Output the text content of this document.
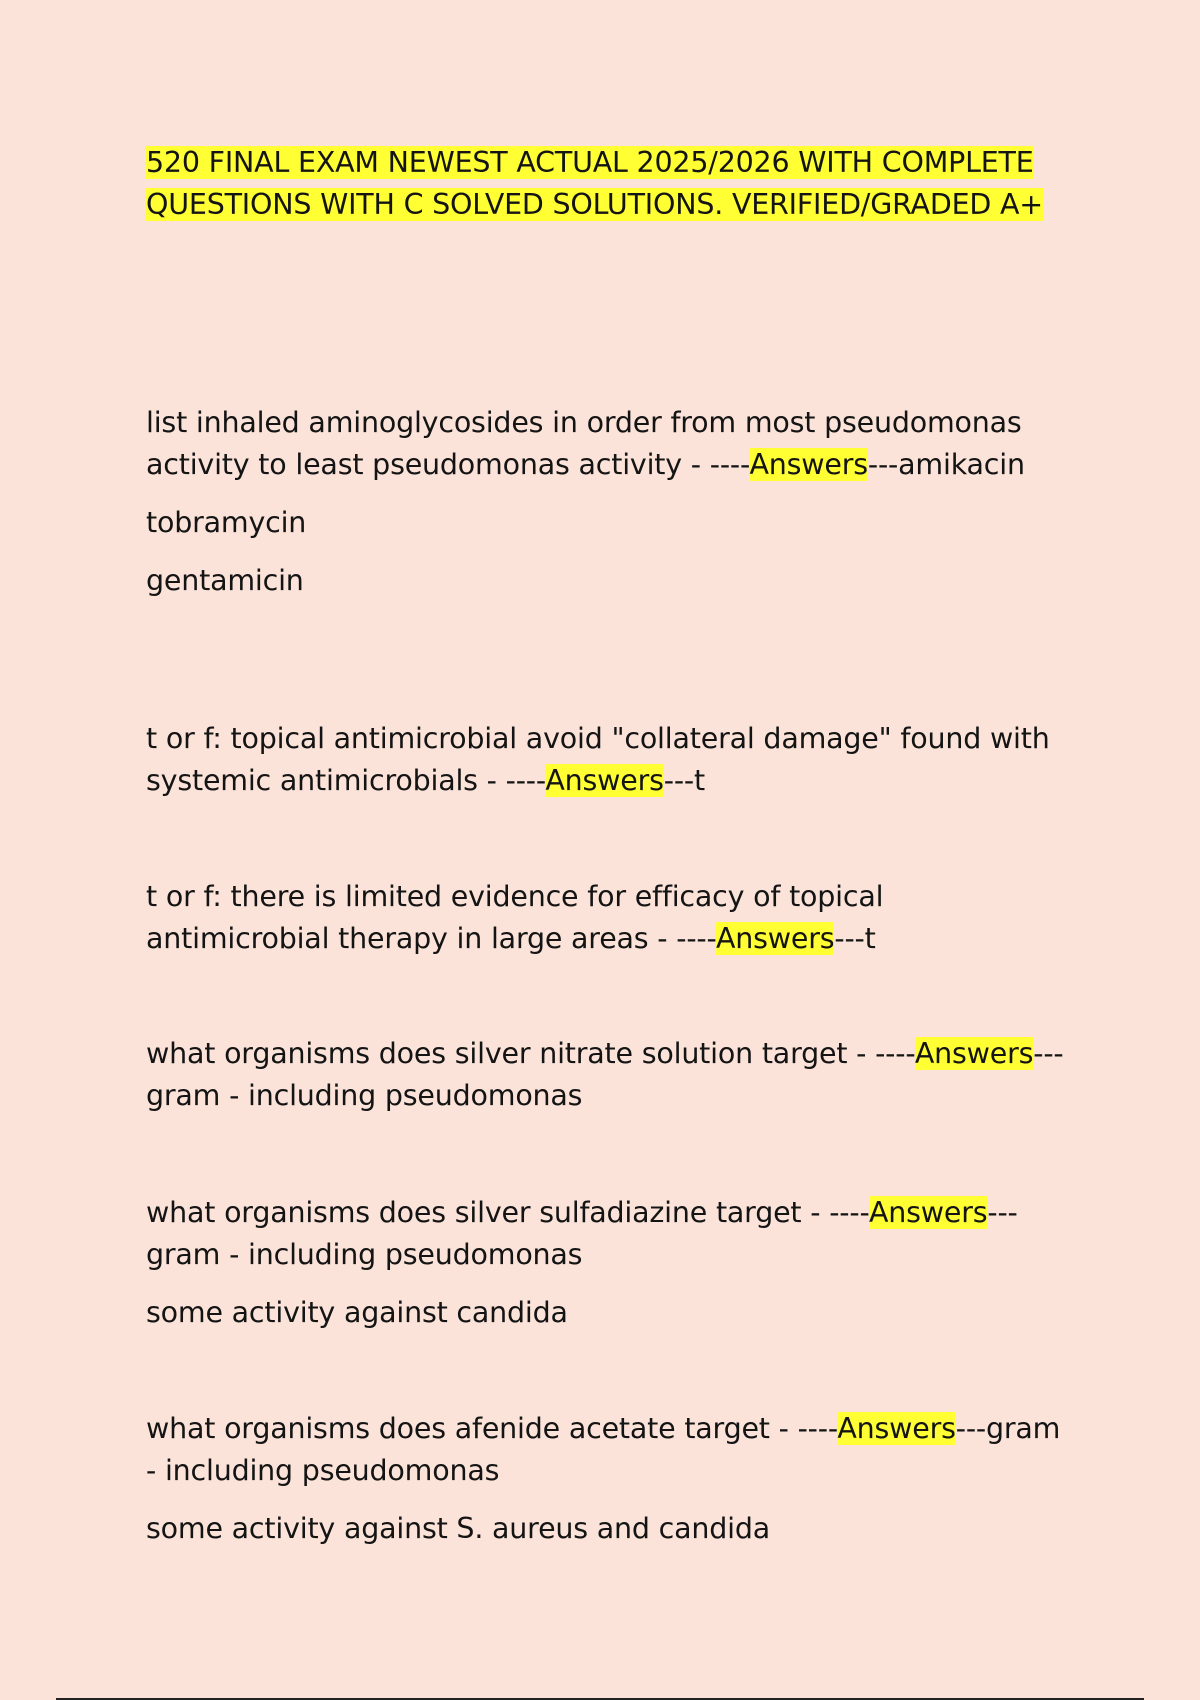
520 FINAL EXAM NEWEST ACTUAL 2025/2026 WITH COMPLETE QUESTIONS WITH C SOLVED SOLUTIONS. VERIFIED/GRADED A+

list inhaled aminoglycosides in order from most pseudomonas activity to least pseudomonas activity - ----Answers---amikacin

tobramycin

gentamicin

t or f: topical antimicrobial avoid "collateral damage" found with systemic antimicrobials - ----Answers---t

t or f: there is limited evidence for efficacy of topical antimicrobial therapy in large areas - ----Answers---t

what organisms does silver nitrate solution target - ----Answers---gram - including pseudomonas

what organisms does silver sulfadiazine target - ----Answers---gram - including pseudomonas

some activity against candida

what organisms does afenide acetate target - ----Answers---gram - including pseudomonas

some activity against S. aureus and candida
